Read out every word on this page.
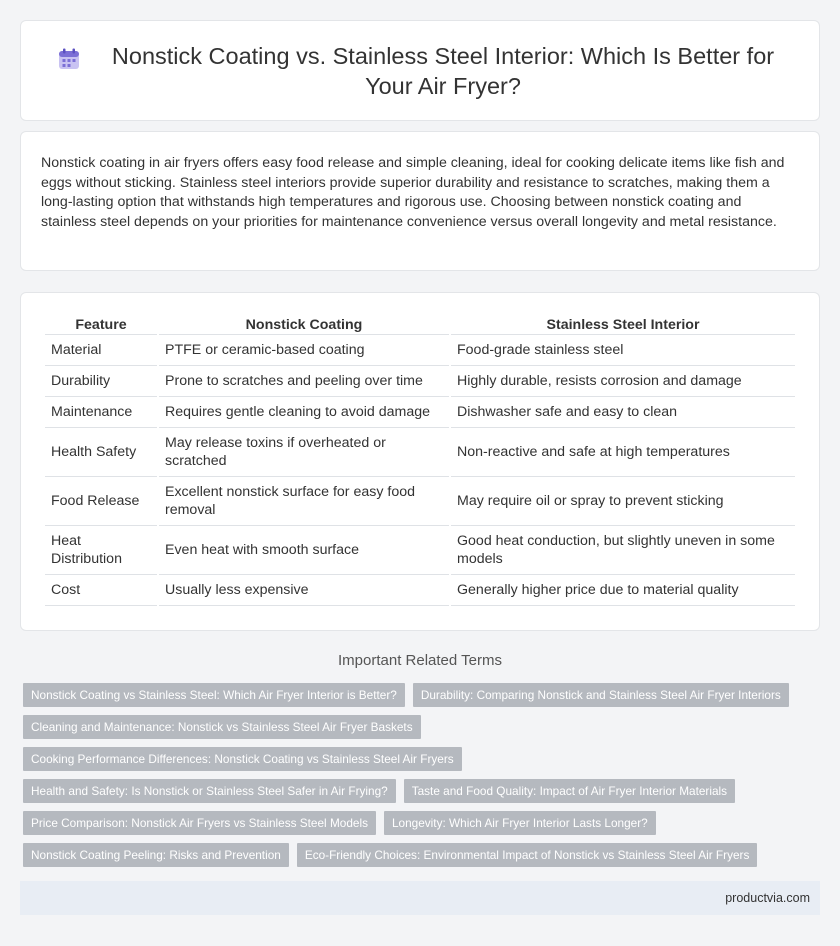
Nonstick Coating vs. Stainless Steel Interior: Which Is Better for Your Air Fryer?

Nonstick coating in air fryers offers easy food release and simple cleaning, ideal for cooking delicate items like fish and eggs without sticking. Stainless steel interiors provide superior durability and resistance to scratches, making them a long-lasting option that withstands high temperatures and rigorous use. Choosing between nonstick coating and stainless steel depends on your priorities for maintenance convenience versus overall longevity and metal resistance.

Feature	Nonstick Coating	Stainless Steel Interior
Material	PTFE or ceramic-based coating	Food-grade stainless steel
Durability	Prone to scratches and peeling over time	Highly durable, resists corrosion and damage
Maintenance	Requires gentle cleaning to avoid damage	Dishwasher safe and easy to clean
Health Safety	May release toxins if overheated or scratched	Non-reactive and safe at high temperatures
Food Release	Excellent nonstick surface for easy food removal	May require oil or spray to prevent sticking
Heat Distribution	Even heat with smooth surface	Good heat conduction, but slightly uneven in some models
Cost	Usually less expensive	Generally higher price due to material quality
Important Related Terms
Nonstick Coating vs Stainless Steel: Which Air Fryer Interior is Better?	Durability: Comparing Nonstick and Stainless Steel Air Fryer Interiors
Cleaning and Maintenance: Nonstick vs Stainless Steel Air Fryer Baskets
Cooking Performance Differences: Nonstick Coating vs Stainless Steel Air Fryers
Health and Safety: Is Nonstick or Stainless Steel Safer in Air Frying?	Taste and Food Quality: Impact of Air Fryer Interior Materials
Price Comparison: Nonstick Air Fryers vs Stainless Steel Models	Longevity: Which Air Fryer Interior Lasts Longer?
Nonstick Coating Peeling: Risks and Prevention	Eco-Friendly Choices: Environmental Impact of Nonstick vs Stainless Steel Air Fryers
productvia.com
